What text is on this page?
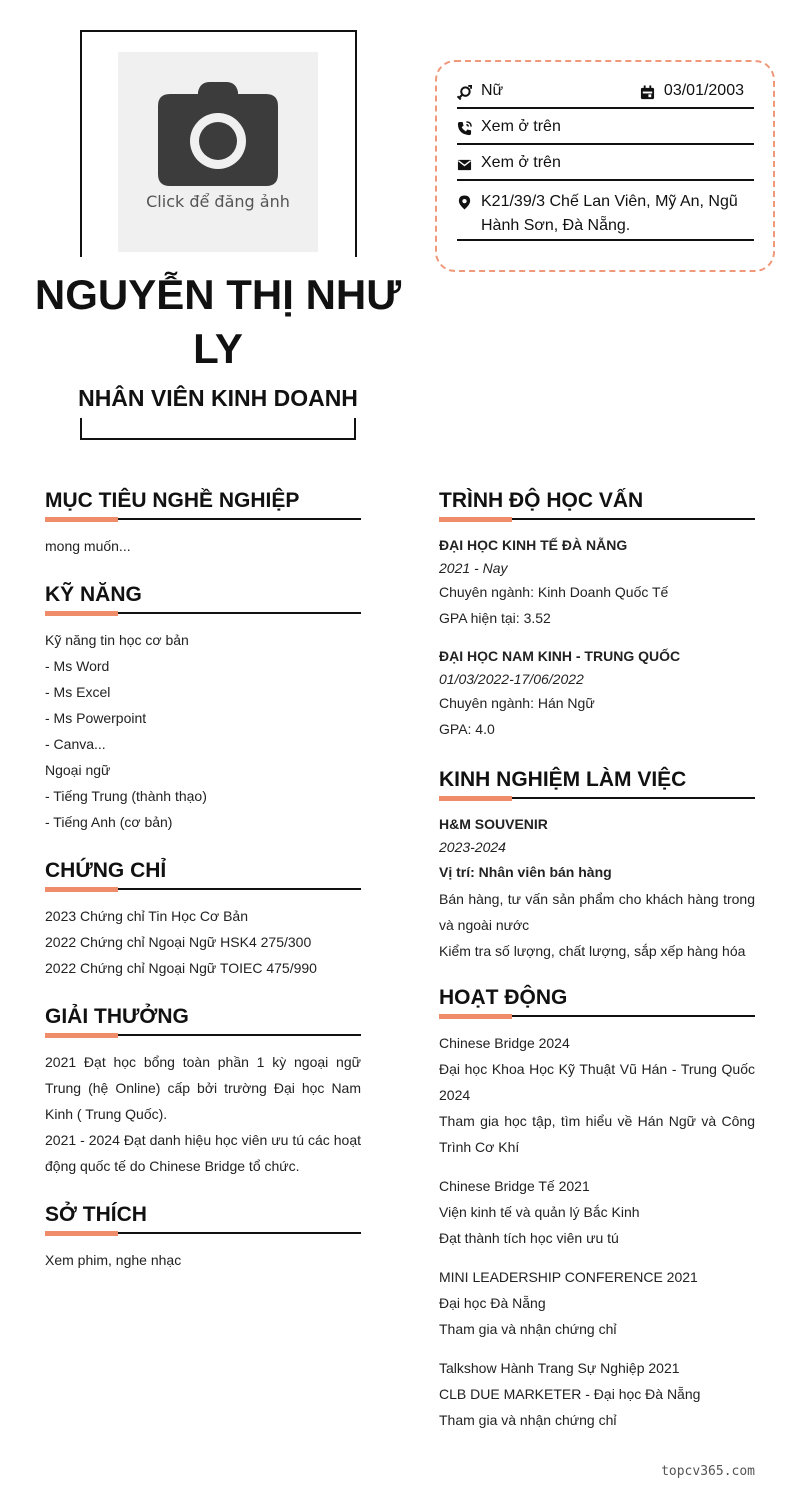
Click để đăng ảnh
NGUYỄN THỊ NHƯ LY
NHÂN VIÊN KINH DOANH
Nữ	03/01/2003
Xem ở trên
Xem ở trên
K21/39/3 Chế Lan Viên, Mỹ An, Ngũ Hành Sơn, Đà Nẵng.
MỤC TIÊU NGHỀ NGHIỆP
mong muốn...
KỸ NĂNG
Kỹ năng tin học cơ bản
- Ms Word
- Ms Excel
- Ms Powerpoint
- Canva...
Ngoại ngữ
- Tiếng Trung (thành thạo)
- Tiếng Anh (cơ bản)
CHỨNG CHỈ
2023 Chứng chỉ Tin Học Cơ Bản
2022 Chứng chỉ Ngoại Ngữ HSK4 275/300
2022 Chứng chỉ Ngoại Ngữ TOIEC 475/990
GIẢI THƯỞNG
2021 Đạt học bổng toàn phần 1 kỳ ngoại ngữ Trung (hệ Online) cấp bởi trường Đại học Nam Kinh ( Trung Quốc).
2021 - 2024 Đạt danh hiệu học viên ưu tú các hoạt động quốc tế do Chinese Bridge tổ chức.
SỞ THÍCH
Xem phim, nghe nhạc
TRÌNH ĐỘ HỌC VẤN
ĐẠI HỌC KINH TẾ ĐÀ NẴNG
2021 - Nay
Chuyên ngành: Kinh Doanh Quốc Tế
GPA hiện tại: 3.52
ĐẠI HỌC NAM KINH - TRUNG QUỐC
01/03/2022-17/06/2022
Chuyên ngành: Hán Ngữ
GPA: 4.0
KINH NGHIỆM LÀM VIỆC
H&M SOUVENIR
2023-2024
Vị trí: Nhân viên bán hàng
Bán hàng, tư vấn sản phẩm cho khách hàng trong và ngoài nước
Kiểm tra số lượng, chất lượng, sắp xếp hàng hóa
HOẠT ĐỘNG
Chinese Bridge 2024
Đại học Khoa Học Kỹ Thuật Vũ Hán - Trung Quốc 2024
Tham gia học tập, tìm hiểu về Hán Ngữ và Công Trình Cơ Khí
Chinese Bridge Tế 2021
Viện kinh tế và quản lý Bắc Kinh
Đạt thành tích học viên ưu tú
MINI LEADERSHIP CONFERENCE 2021
Đại học Đà Nẵng
Tham gia và nhận chứng chỉ
Talkshow Hành Trang Sự Nghiệp 2021
CLB DUE MARKETER - Đại học Đà Nẵng
Tham gia và nhận chứng chỉ
topcv365.com
